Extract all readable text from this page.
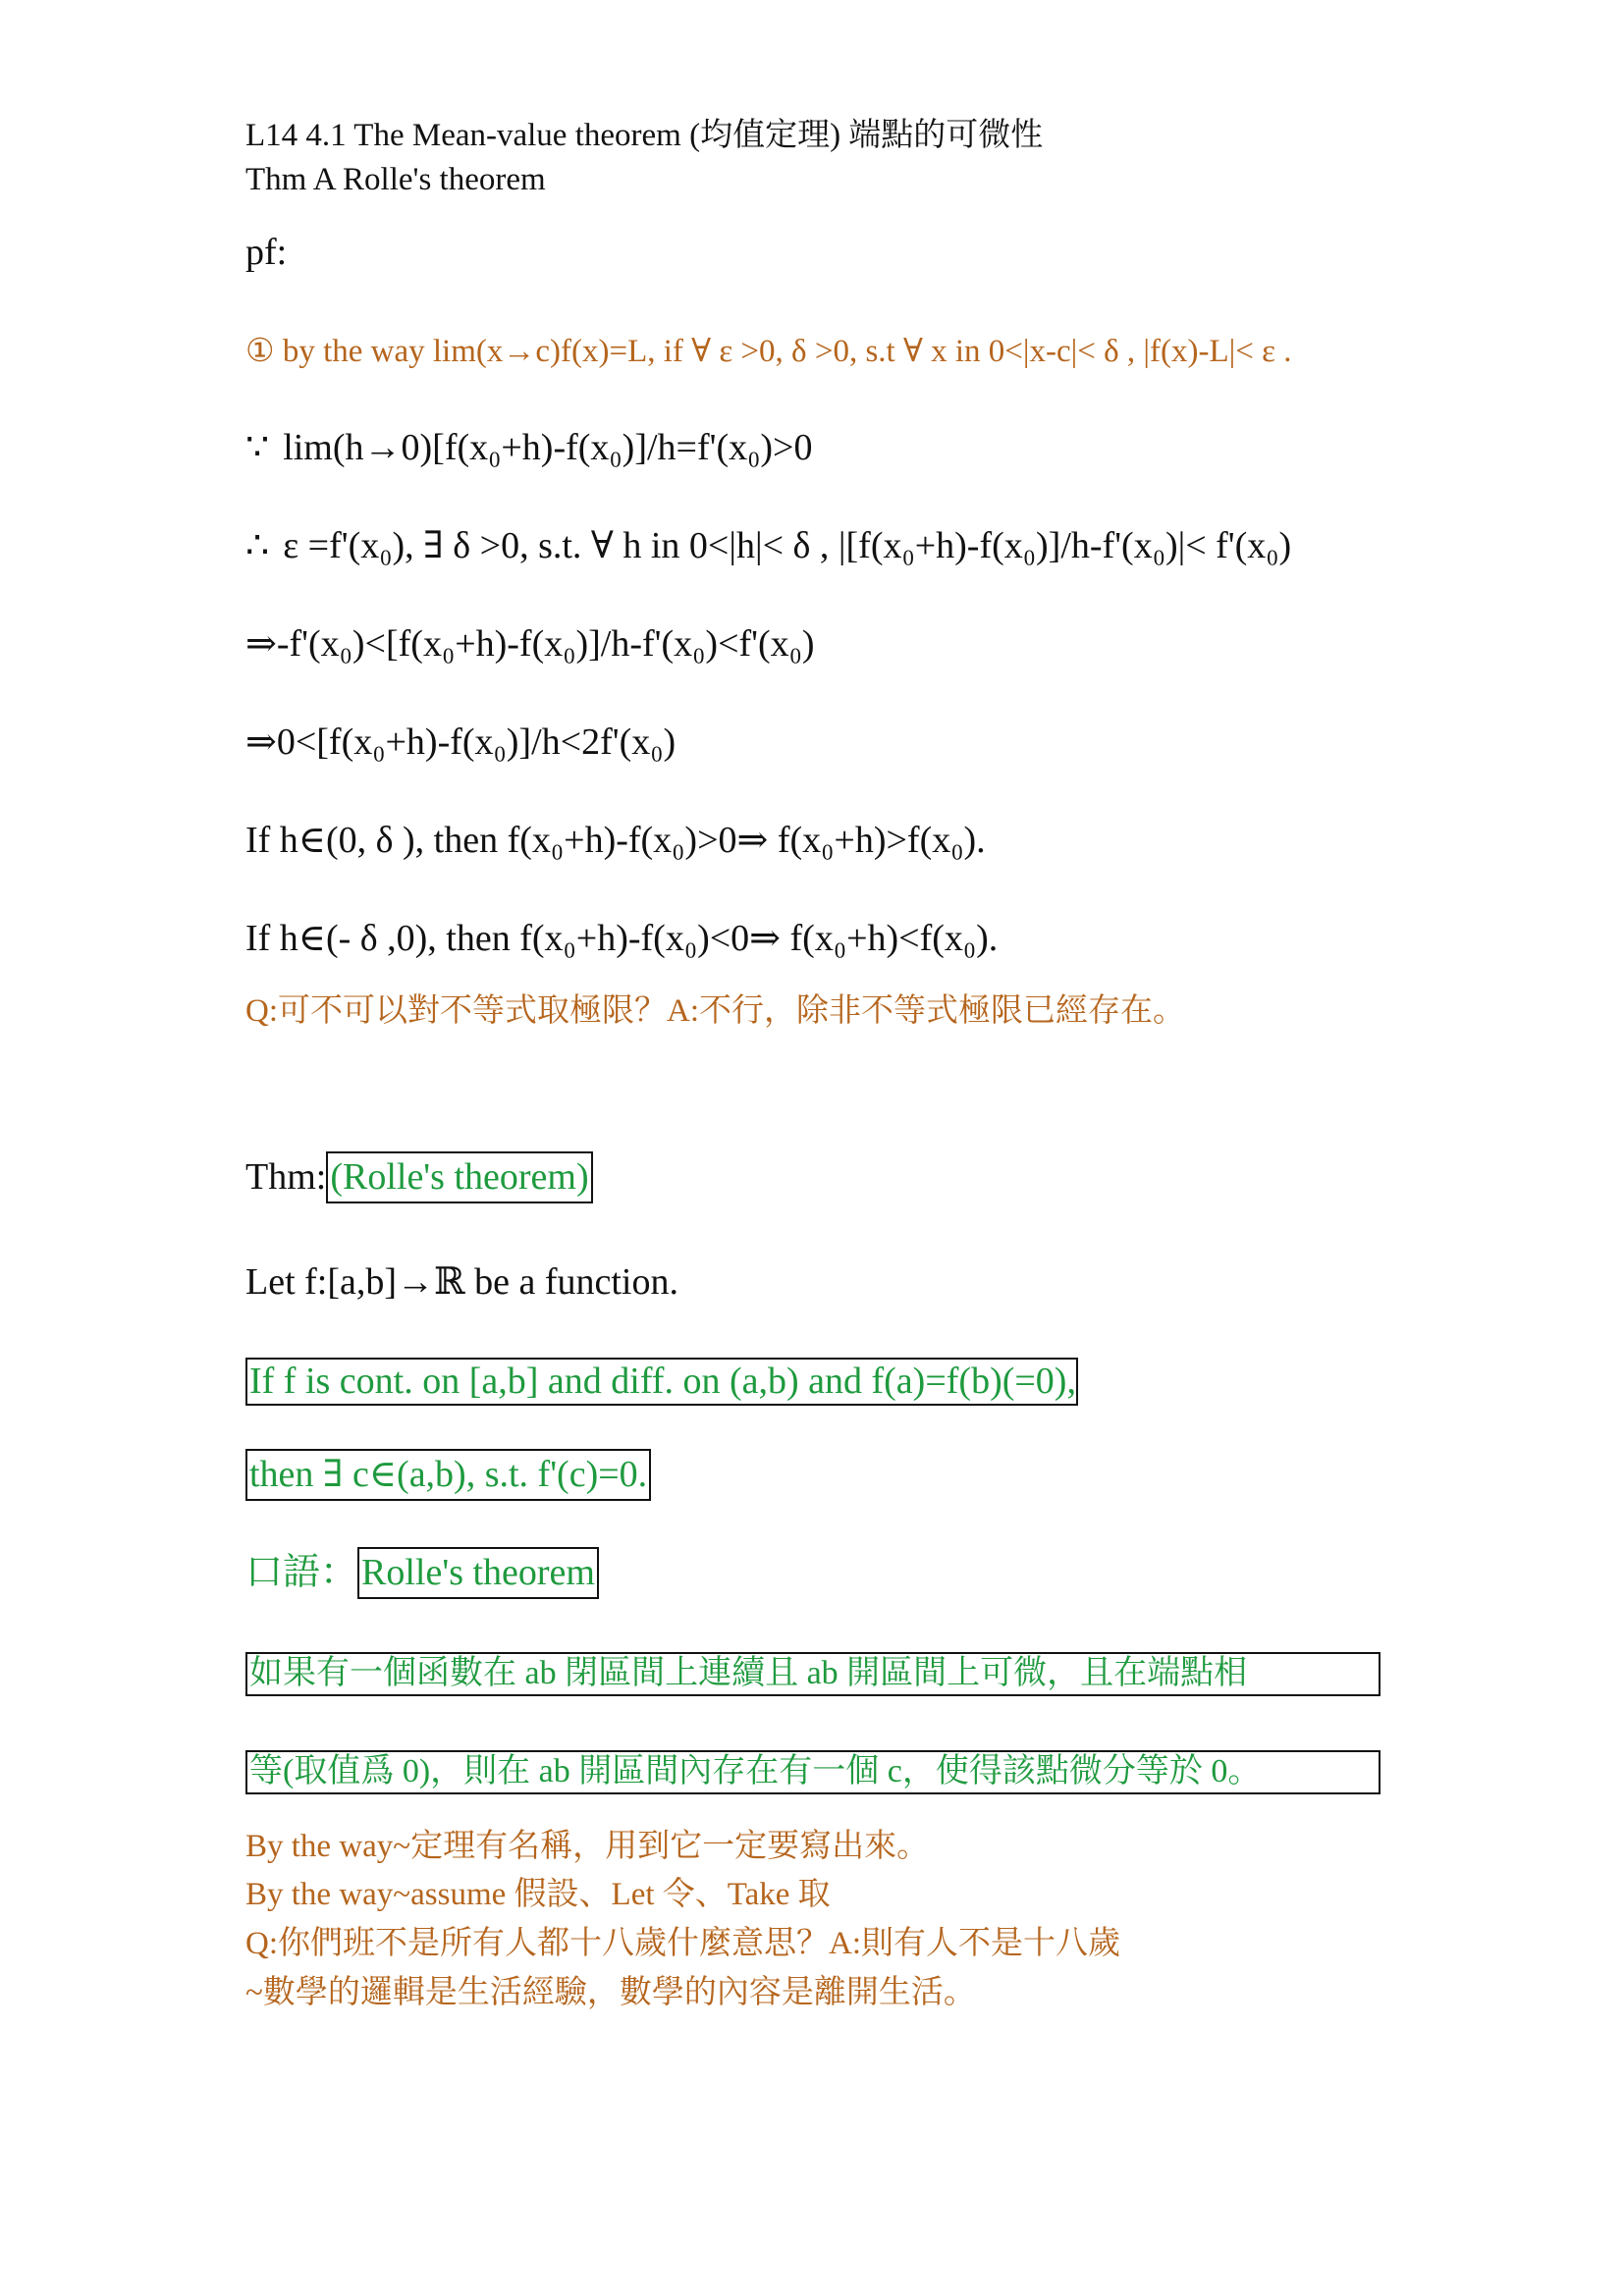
L14 4.1 The Mean-value theorem (均值定理) 端點的可微性
Thm A Rolle's theorem
pf:
① by the way lim(x→c)f(x)=L, if ∀ ε >0, δ >0, s.t ∀ x in 0<|x-c|< δ , |f(x)-L|< ε .
∵ lim(h→0)[f(x₀+h)-f(x₀)]/h=f'(x₀)>0
∴ ε =f'(x₀), ∃ δ >0, s.t. ∀ h in 0<|h|< δ , |[f(x₀+h)-f(x₀)]/h-f'(x₀)|< f'(x₀)
⇒-f'(x₀)<[f(x₀+h)-f(x₀)]/h-f'(x₀)<f'(x₀)
⇒0<[f(x₀+h)-f(x₀)]/h<2f'(x₀)
If h∈(0, δ ), then f(x₀+h)-f(x₀)>0⇒ f(x₀+h)>f(x₀).
If h∈(- δ ,0), then f(x₀+h)-f(x₀)<0⇒ f(x₀+h)<f(x₀).
Q:可不可以對不等式取極限？A:不行，除非不等式極限已經存在。
Thm: (Rolle's theorem)
Let f:[a,b]→ℝ be a function.
If f is cont. on [a,b] and diff. on (a,b) and f(a)=f(b)(=0),
then ∃ c∈(a,b), s.t. f'(c)=0.
口語： Rolle's theorem
如果有一個函數在 ab 閉區間上連續且 ab 開區間上可微，且在端點相
等(取值爲 0)，則在 ab 開區間內存在有一個 c，使得該點微分等於 0。
By the way~定理有名稱，用到它一定要寫出來。
By the way~assume 假設、Let 令、Take 取
Q:你們班不是所有人都十八歲什麼意思？A:則有人不是十八歲
~數學的邏輯是生活經驗，數學的內容是離開生活。
